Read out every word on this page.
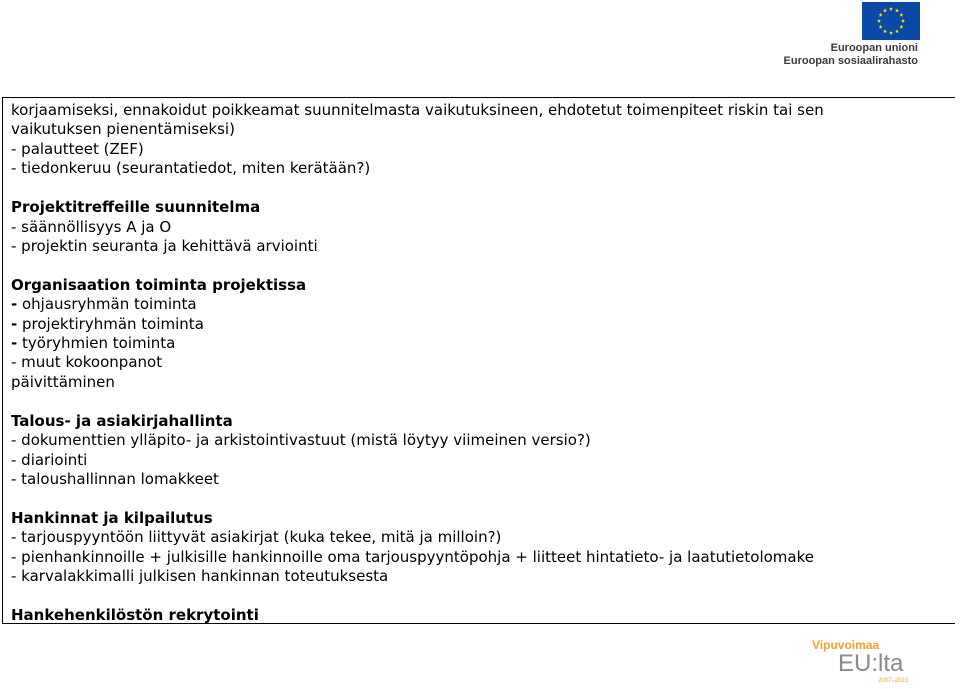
Euroopan unioni
Euroopan sosiaalirahasto
korjaamiseksi, ennakoidut poikkeamat suunnitelmasta vaikutuksineen, ehdotetut toimenpiteet riskin tai sen
vaikutuksen pienentämiseksi)
- palautteet (ZEF)
- tiedonkeruu (seurantatiedot, miten kerätään?)
Projektitreffeille suunnitelma
- säännöllisyys A ja O
- projektin seuranta ja kehittävä arviointi
Organisaation toiminta projektissa
- ohjausryhmän toiminta
- projektiryhmän toiminta
- työryhmien toiminta
- muut kokoonpanot
päivittäminen
Talous- ja asiakirjahallinta
- dokumenttien ylläpito- ja arkistointivastuut (mistä löytyy viimeinen versio?)
- diariointi
- taloushallinnan lomakkeet
Hankinnat ja kilpailutus
- tarjouspyyntöön liittyvät asiakirjat (kuka tekee, mitä ja milloin?)
- pienhankinnoille + julkisille hankinnoille oma tarjouspyyntöpohja + liitteet hintatieto- ja laatutietolomake
- karvalakkimalli julkisen hankinnan toteutuksesta
Hankehenkilöstön rekrytointi
Vipuvoimaa
EU:lta
2007–2013
